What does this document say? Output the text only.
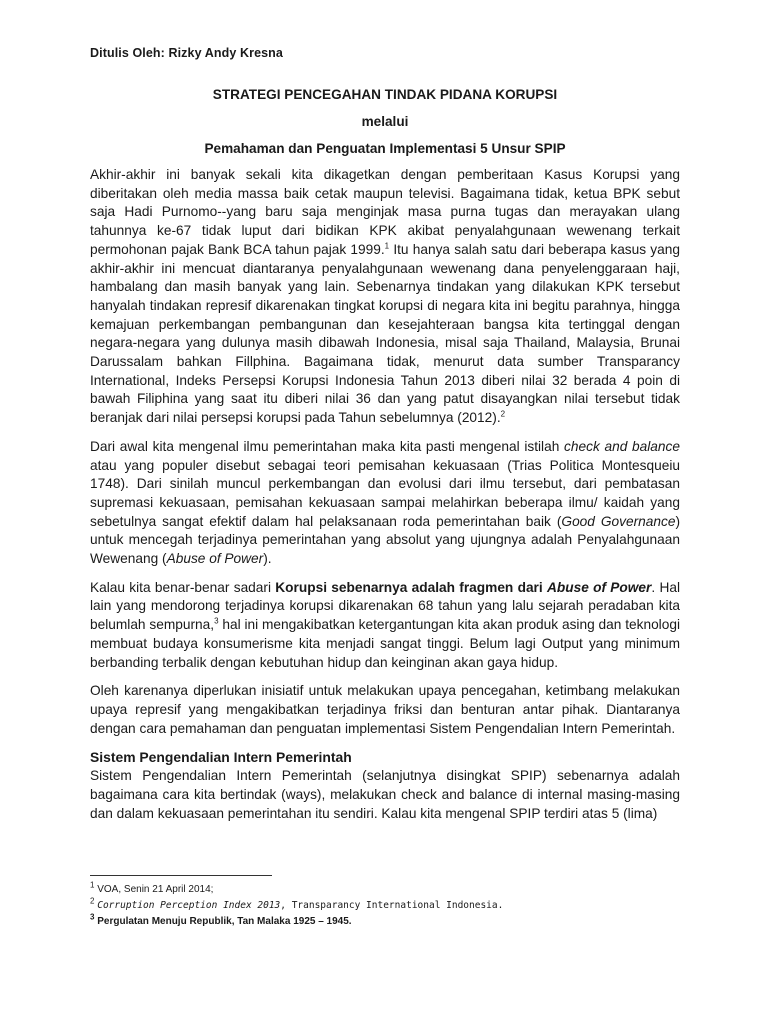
Ditulis Oleh: Rizky Andy Kresna
STRATEGI PENCEGAHAN TINDAK PIDANA KORUPSI
melalui
Pemahaman dan Penguatan Implementasi 5 Unsur SPIP

Akhir-akhir ini banyak sekali kita dikagetkan dengan pemberitaan Kasus Korupsi yang diberitakan oleh media massa baik cetak maupun televisi. Bagaimana tidak, ketua BPK sebut saja Hadi Purnomo--yang baru saja menginjak masa purna tugas dan merayakan ulang tahunnya ke-67 tidak luput dari bidikan KPK akibat penyalahgunaan wewenang terkait permohonan pajak Bank BCA tahun pajak 1999.$^1$ Itu hanya salah satu dari beberapa kasus yang akhir-akhir ini mencuat diantaranya penyalahgunaan wewenang dana penyelenggaraan haji, hambalang dan masih banyak yang lain. Sebenarnya tindakan yang dilakukan KPK tersebut hanyalah tindakan represif dikarenakan tingkat korupsi di negara kita ini begitu parahnya, hingga kemajuan perkembangan pembangunan dan kesejahteraan bangsa kita tertinggal dengan negara-negara yang dulunya masih dibawah Indonesia, misal saja Thailand, Malaysia, Brunai Darussalam bahkan Fillphina. Bagaimana tidak, menurut data sumber Transparancy International, Indeks Persepsi Korupsi Indonesia Tahun 2013 diberi nilai 32 berada 4 poin di bawah Filiphina yang saat itu diberi nilai 36 dan yang patut disayangkan nilai tersebut tidak beranjak dari nilai persepsi korupsi pada Tahun sebelumnya (2012).$^2$

Dari awal kita mengenal ilmu pemerintahan maka kita pasti mengenal istilah check and balance atau yang populer disebut sebagai teori pemisahan kekuasaan (Trias Politica Montesqueiu 1748). Dari sinilah muncul perkembangan dan evolusi dari ilmu tersebut, dari pembatasan supremasi kekuasaan, pemisahan kekuasaan sampai melahirkan beberapa ilmu/ kaidah yang sebetulnya sangat efektif dalam hal pelaksanaan roda pemerintahan baik (Good Governance) untuk mencegah terjadinya pemerintahan yang absolut yang ujungnya adalah Penyalahgunaan Wewenang (Abuse of Power).

Kalau kita benar-benar sadari Korupsi sebenarnya adalah fragmen dari Abuse of Power. Hal lain yang mendorong terjadinya korupsi dikarenakan 68 tahun yang lalu sejarah peradaban kita belumlah sempurna,$^3$ hal ini mengakibatkan ketergantungan kita akan produk asing dan teknologi membuat budaya konsumerisme kita menjadi sangat tinggi. Belum lagi Output yang minimum berbanding terbalik dengan kebutuhan hidup dan keinginan akan gaya hidup.

Oleh karenanya diperlukan inisiatif untuk melakukan upaya pencegahan, ketimbang melakukan upaya represif yang mengakibatkan terjadinya friksi dan benturan antar pihak. Diantaranya dengan cara pemahaman dan penguatan implementasi Sistem Pengendalian Intern Pemerintah.

Sistem Pengendalian Intern Pemerintah

Sistem Pengendalian Intern Pemerintah (selanjutnya disingkat SPIP) sebenarnya adalah bagaimana cara kita bertindak (ways), melakukan check and balance di internal masing-masing dan dalam kekuasaan pemerintahan itu sendiri. Kalau kita mengenal SPIP terdiri atas 5 (lima)

$^1$ VOA, Senin 21 April 2014;
$^2$ Corruption Perception Index 2013, Transparancy International Indonesia.
$^3$ Pergulatan Menuju Republik, Tan Malaka 1925 – 1945.
